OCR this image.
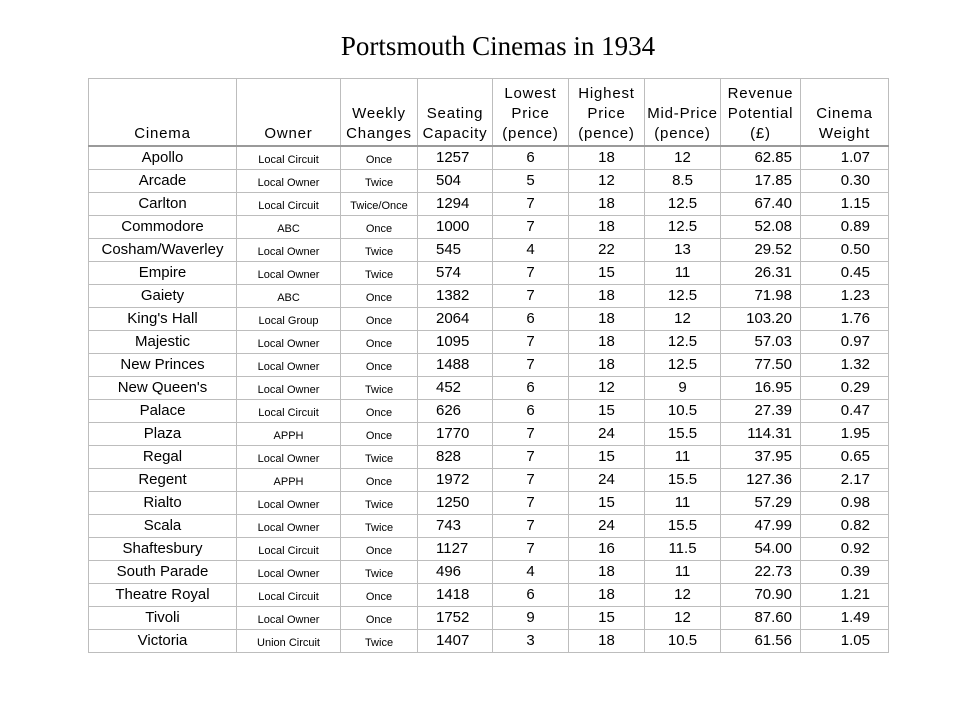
Portsmouth Cinemas in 1934
Cinema	Owner	Weekly Changes	Seating Capacity	Lowest Price (pence)	Highest Price (pence)	Mid-Price (pence)	Revenue Potential (£)	Cinema Weight
Apollo	Local Circuit	Once	1257	6	18	12	62.85	1.07
Arcade	Local Owner	Twice	504	5	12	8.5	17.85	0.30
Carlton	Local Circuit	Twice/Once	1294	7	18	12.5	67.40	1.15
Commodore	ABC	Once	1000	7	18	12.5	52.08	0.89
Cosham/Waverley	Local Owner	Twice	545	4	22	13	29.52	0.50
Empire	Local Owner	Twice	574	7	15	11	26.31	0.45
Gaiety	ABC	Once	1382	7	18	12.5	71.98	1.23
King's Hall	Local Group	Once	2064	6	18	12	103.20	1.76
Majestic	Local Owner	Once	1095	7	18	12.5	57.03	0.97
New Princes	Local Owner	Once	1488	7	18	12.5	77.50	1.32
New Queen's	Local Owner	Twice	452	6	12	9	16.95	0.29
Palace	Local Circuit	Once	626	6	15	10.5	27.39	0.47
Plaza	APPH	Once	1770	7	24	15.5	114.31	1.95
Regal	Local Owner	Twice	828	7	15	11	37.95	0.65
Regent	APPH	Once	1972	7	24	15.5	127.36	2.17
Rialto	Local Owner	Twice	1250	7	15	11	57.29	0.98
Scala	Local Owner	Twice	743	7	24	15.5	47.99	0.82
Shaftesbury	Local Circuit	Once	1127	7	16	11.5	54.00	0.92
South Parade	Local Owner	Twice	496	4	18	11	22.73	0.39
Theatre Royal	Local Circuit	Once	1418	6	18	12	70.90	1.21
Tivoli	Local Owner	Once	1752	9	15	12	87.60	1.49
Victoria	Union Circuit	Twice	1407	3	18	10.5	61.56	1.05
